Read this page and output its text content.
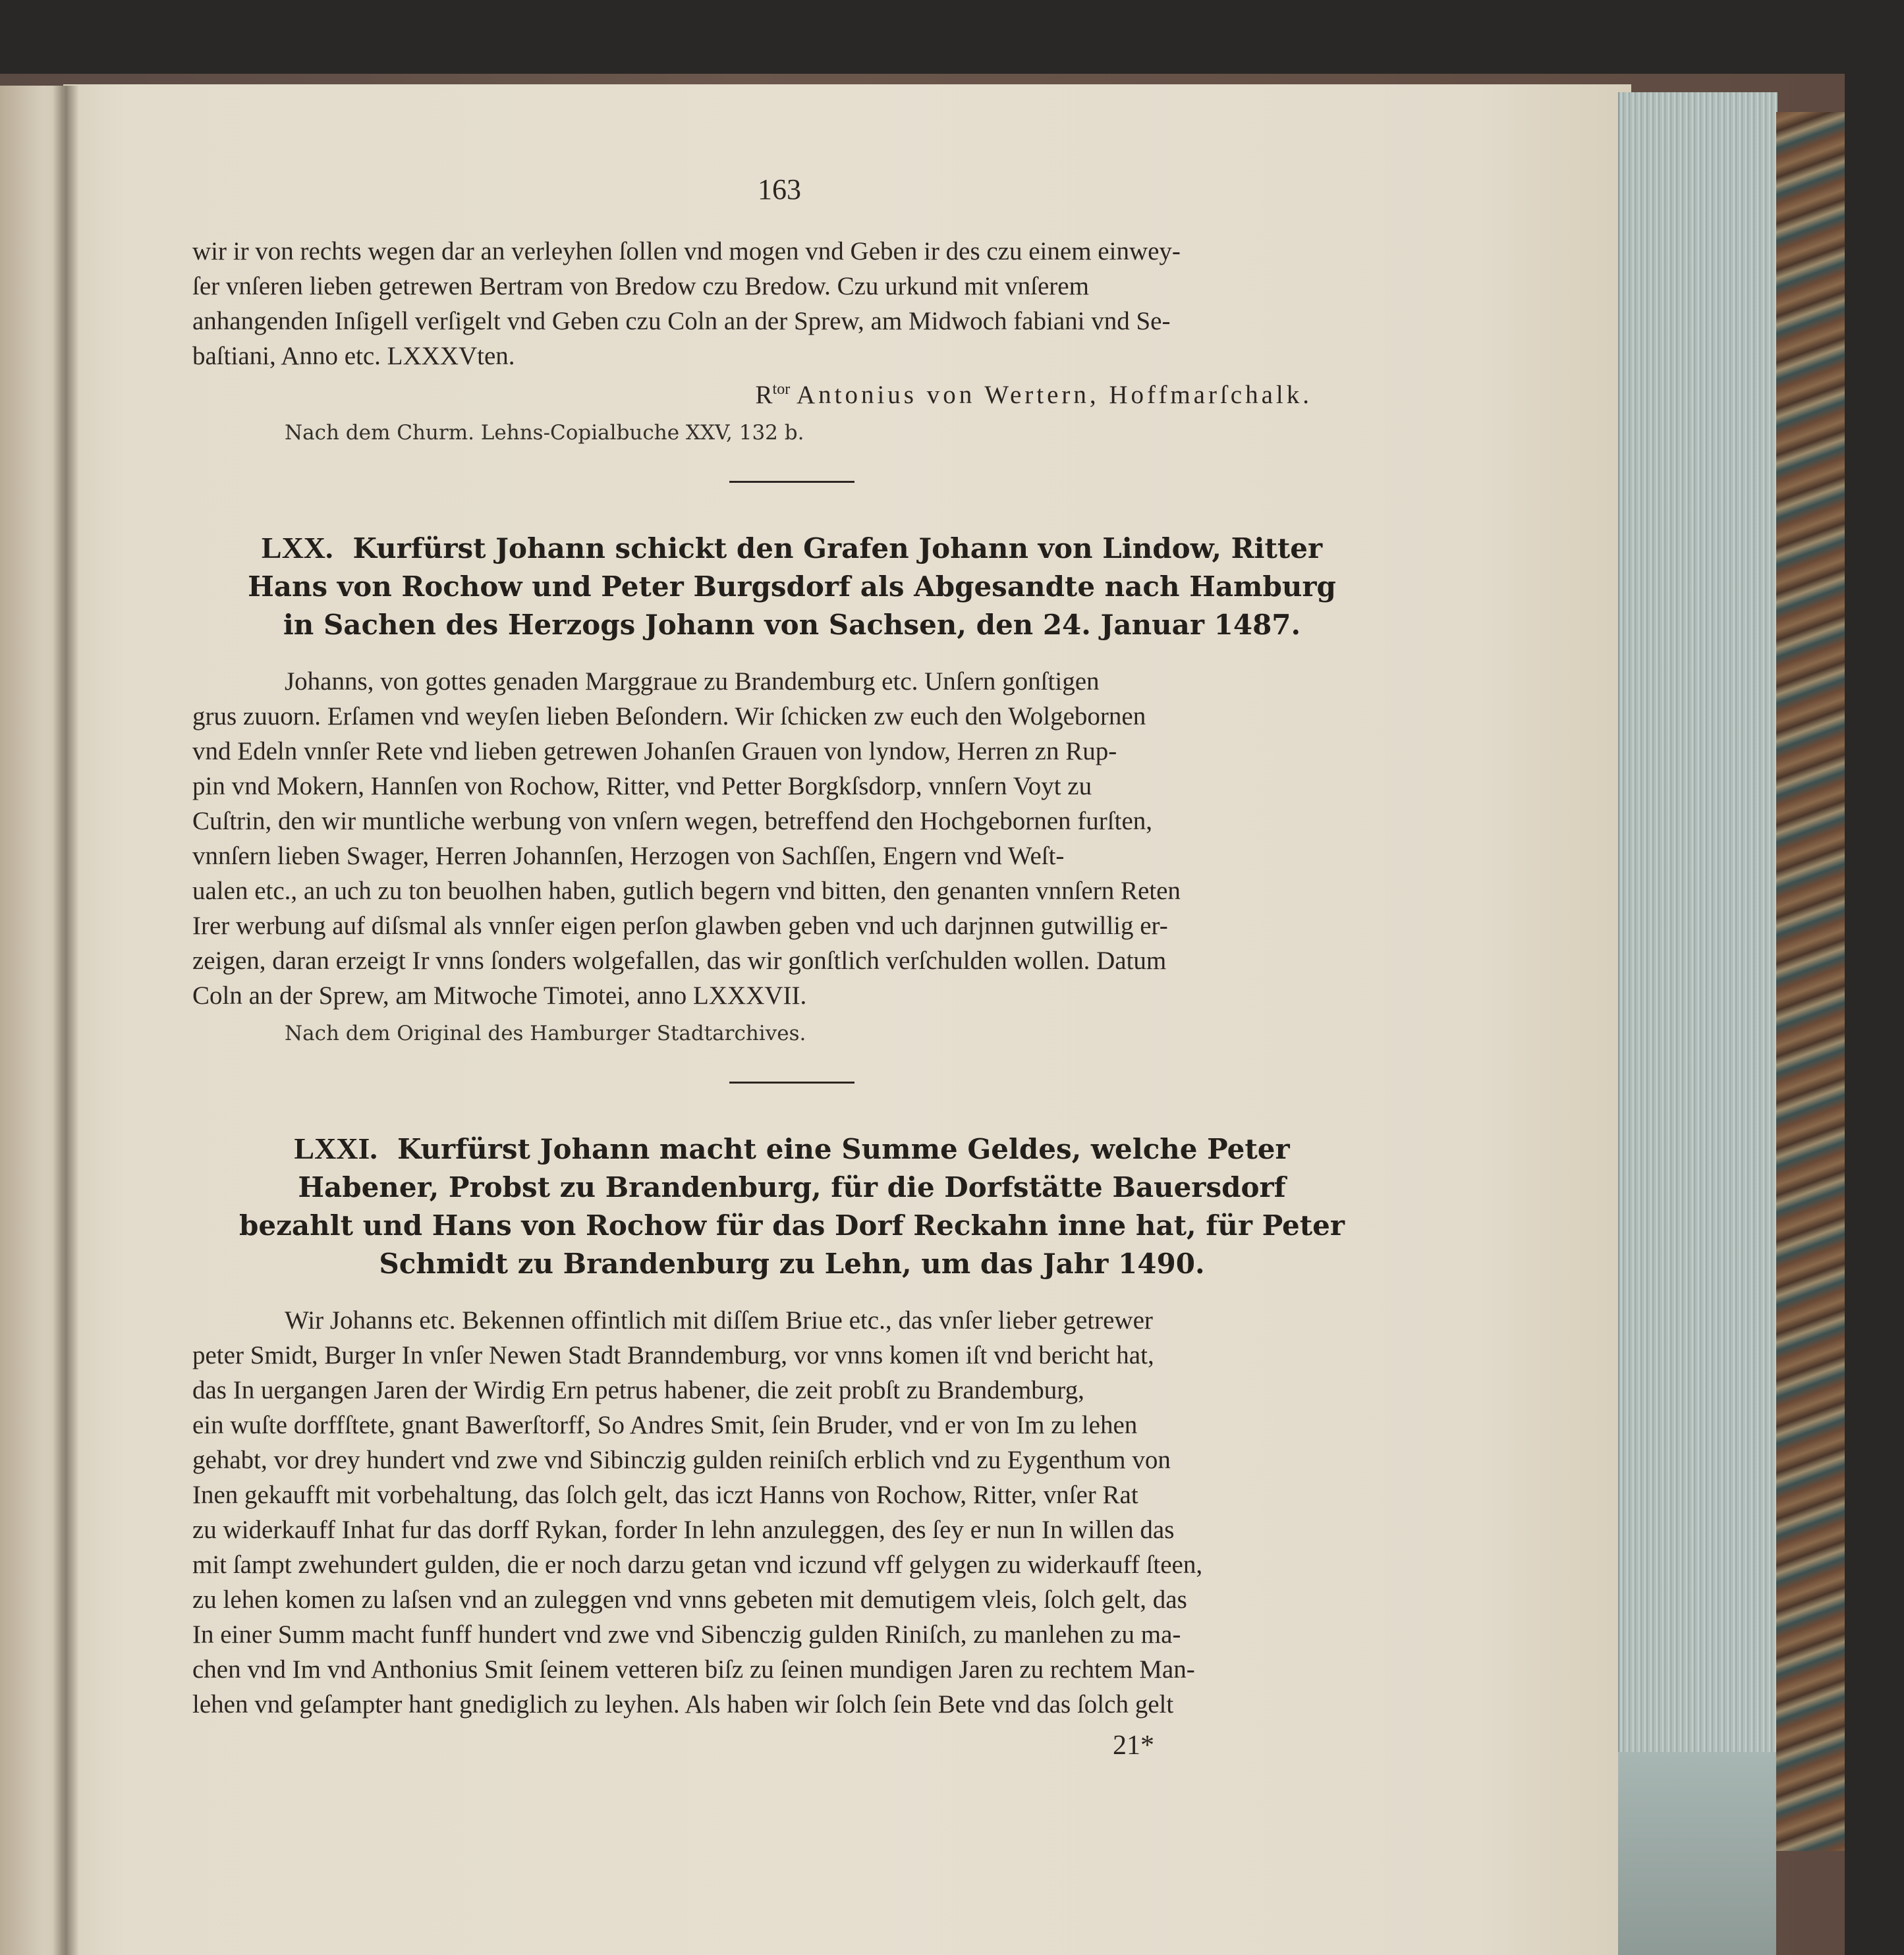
163

wir ir von rechts wegen dar an verleyhen ſollen vnd mogen vnd Geben ir des czu einem einwey-

ſer vnſeren lieben getrewen Bertram von Bredow czu Bredow. Czu urkund mit vnſerem

anhangenden Inſigell verſigelt vnd Geben czu Coln an der Sprew, am Midwoch fabiani vnd Se-

baſtiani, Anno etc. LXXXVten.

$R^{tor}$ Antonius von Wertern, Hoffmarſchalk.

Nach dem Churm. Lehns-Copialbuche XXV, 132 b.

LXX. Kurfürst Johann schickt den Grafen Johann von Lindow, Ritter Hans von Rochow und Peter Burgsdorf als Abgesandte nach Hamburg in Sachen des Herzogs Johann von Sachsen, den 24. Januar 1487.

Johanns, von gottes genaden Marggraue zu Brandemburg etc. Unſern gonſtigen

grus zuuorn. Erſamen vnd weyſen lieben Beſondern. Wir ſchicken zw euch den Wolgebornen

vnd Edeln vnnſer Rete vnd lieben getrewen Johanſen Grauen von lyndow, Herren zn Rup-

pin vnd Mokern, Hannſen von Rochow, Ritter, vnd Petter Borgkſsdorp, vnnſern Voyt zu

Cuſtrin, den wir muntliche werbung von vnſern wegen, betreffend den Hochgebornen furſten,

vnnſern lieben Swager, Herren Johannſen, Herzogen von Sachſſen, Engern vnd Weſt-

ualen etc., an uch zu ton beuolhen haben, gutlich begern vnd bitten, den genanten vnnſern Reten

Irer werbung auf diſsmal als vnnſer eigen perſon glawben geben vnd uch darjnnen gutwillig er-

zeigen, daran erzeigt Ir vnns ſonders wolgefallen, das wir gonſtlich verſchulden wollen. Datum

Coln an der Sprew, am Mitwoche Timotei, anno LXXXVII.

Nach dem Original des Hamburger Stadtarchives.

LXXI. Kurfürst Johann macht eine Summe Geldes, welche Peter Habener, Probst zu Brandenburg, für die Dorfstätte Bauersdorf bezahlt und Hans von Rochow für das Dorf Reckahn inne hat, für Peter Schmidt zu Brandenburg zu Lehn, um das Jahr 1490.

Wir Johanns etc. Bekennen offintlich mit diſſem Briue etc., das vnſer lieber getrewer

peter Smidt, Burger In vnſer Newen Stadt Branndemburg, vor vnns komen iſt vnd bericht hat,

das In uergangen Jaren der Wirdig Ern petrus habener, die zeit probſt zu Brandemburg,

ein wuſte dorffſtete, gnant Bawerſtorff, So Andres Smit, ſein Bruder, vnd er von Im zu lehen

gehabt, vor drey hundert vnd zwe vnd Sibinczig gulden reiniſch erblich vnd zu Eygenthum von

Inen gekaufft mit vorbehaltung, das ſolch gelt, das iczt Hanns von Rochow, Ritter, vnſer Rat

zu widerkauff Inhat fur das dorff Rykan, forder In lehn anzuleggen, des ſey er nun In willen das

mit ſampt zwehundert gulden, die er noch darzu getan vnd iczund vff gelygen zu widerkauff ſteen,

zu lehen komen zu laſsen vnd an zuleggen vnd vnns gebeten mit demutigem vleis, ſolch gelt, das

In einer Summ macht funff hundert vnd zwe vnd Sibenczig gulden Riniſch, zu manlehen zu ma-

chen vnd Im vnd Anthonius Smit ſeinem vetteren biſz zu ſeinen mundigen Jaren zu rechtem Man-

lehen vnd geſampter hant gnediglich zu leyhen. Als haben wir ſolch ſein Bete vnd das ſolch gelt

21*
